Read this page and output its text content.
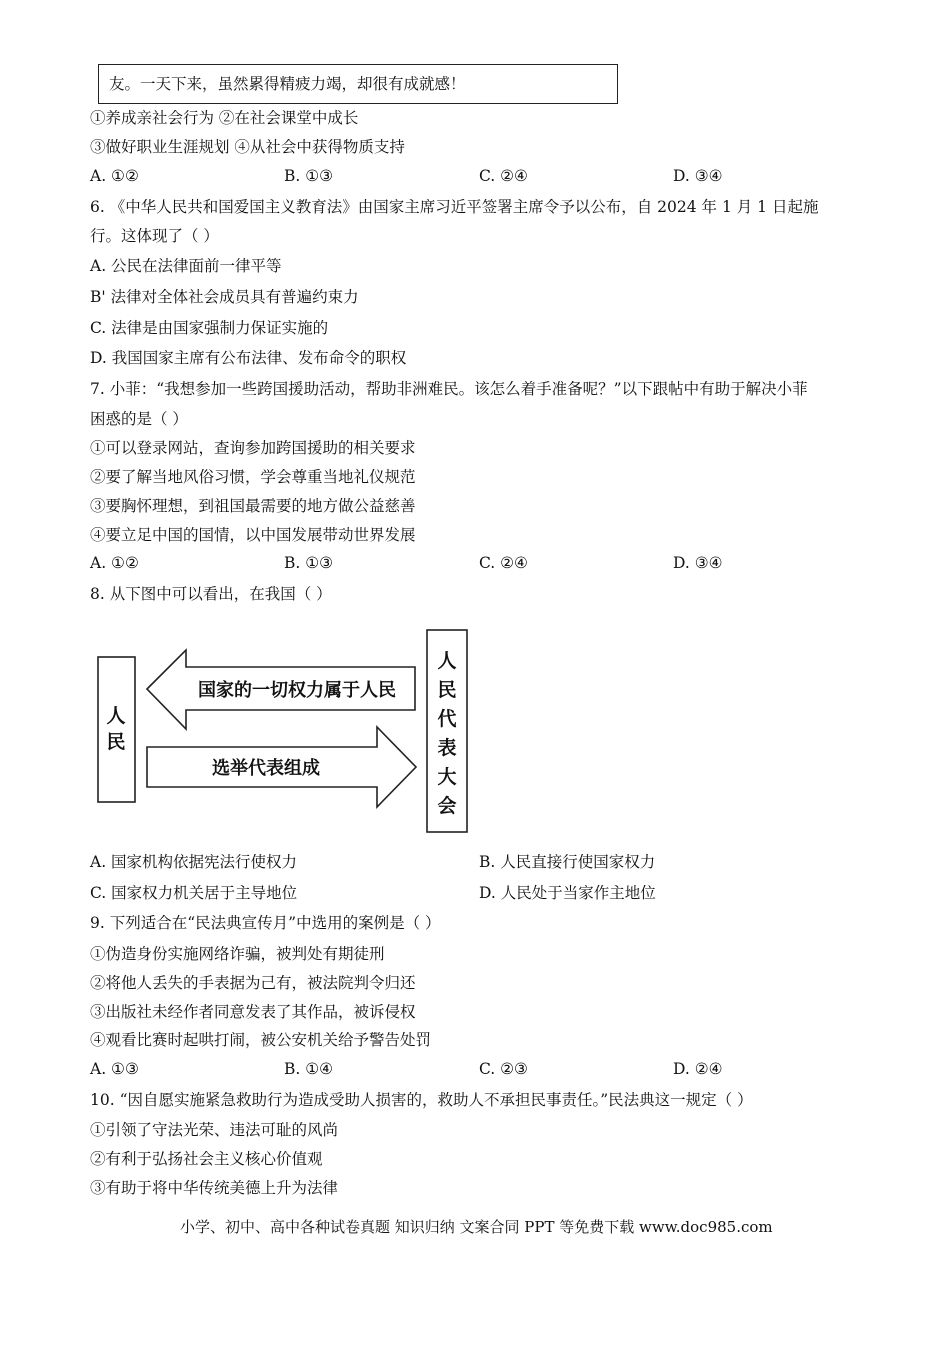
友。一天下来，虽然累得精疲力竭，却很有成就感！
①养成亲社会行为 ②在社会课堂中成长
③做好职业生涯规划 ④从社会中获得物质支持
A. ①②	B. ①③	C. ②④	D. ③④
6. 《中华人民共和国爱国主义教育法》由国家主席习近平签署主席令予以公布，自 2024 年 1 月 1 日起施
行。这体现了（ ）
A. 公民在法律面前一律平等
B' 法律对全体社会成员具有普遍约束力
C. 法律是由国家强制力保证实施的
D. 我国国家主席有公布法律、发布命令的职权
7. 小菲：“我想参加一些跨国援助活动，帮助非洲难民。该怎么着手准备呢？”以下跟帖中有助于解决小菲
困惑的是（ ）
①可以登录网站，查询参加跨国援助的相关要求
②要了解当地风俗习惯，学会尊重当地礼仪规范
③要胸怀理想，到祖国最需要的地方做公益慈善
④要立足中国的国情，以中国发展带动世界发展
A. ①②	B. ①③	C. ②④	D. ③④
8. 从下图中可以看出，在我国（ ）
人民
人民代表大会
国家的一切权力属于人民
选举代表组成
A. 国家机构依据宪法行使权力	B. 人民直接行使国家权力
C. 国家权力机关居于主导地位	D. 人民处于当家作主地位
9. 下列适合在“民法典宣传月”中选用的案例是（ ）
①伪造身份实施网络诈骗，被判处有期徒刑
②将他人丢失的手表据为己有，被法院判令归还
③出版社未经作者同意发表了其作品，被诉侵权
④观看比赛时起哄打闹，被公安机关给予警告处罚
A. ①③	B. ①④	C. ②③	D. ②④
10. “因自愿实施紧急救助行为造成受助人损害的，救助人不承担民事责任。”民法典这一规定（ ）
①引领了守法光荣、违法可耻的风尚
②有利于弘扬社会主义核心价值观
③有助于将中华传统美德上升为法律
小学、初中、高中各种试卷真题 知识归纳 文案合同 PPT 等免费下载 www.doc985.com
